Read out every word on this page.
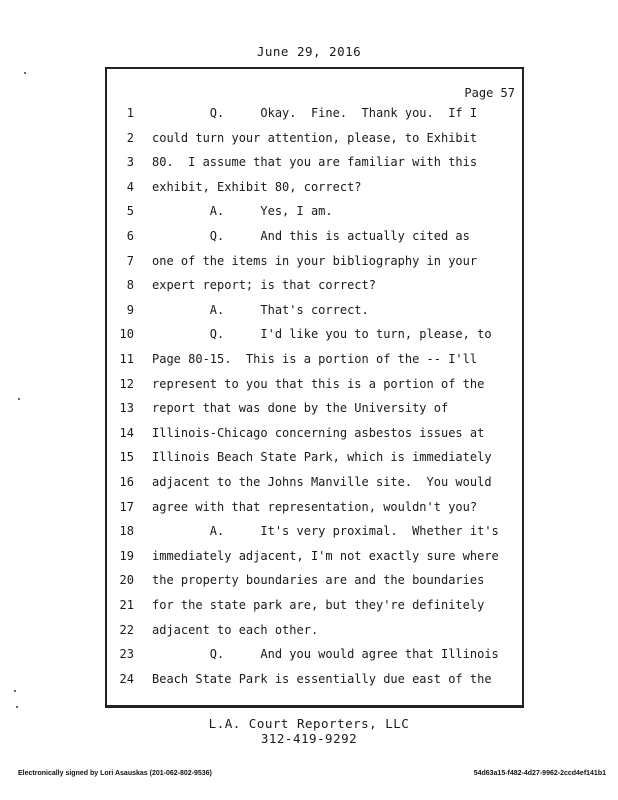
June 29, 2016
Page 57
1 Q.     Okay.  Fine.  Thank you.  If I
2 could turn your attention, please, to Exhibit
3 80.  I assume that you are familiar with this
4 exhibit, Exhibit 80, correct?
5 A.     Yes, I am.
6 Q.     And this is actually cited as
7 one of the items in your bibliography in your
8 expert report; is that correct?
9 A.     That's correct.
10 Q.     I'd like you to turn, please, to
11 Page 80-15.  This is a portion of the -- I'll
12 represent to you that this is a portion of the
13 report that was done by the University of
14 Illinois-Chicago concerning asbestos issues at
15 Illinois Beach State Park, which is immediately
16 adjacent to the Johns Manville site.  You would
17 agree with that representation, wouldn't you?
18 A.     It's very proximal.  Whether it's
19 immediately adjacent, I'm not exactly sure where
20 the property boundaries are and the boundaries
21 for the state park are, but they're definitely
22 adjacent to each other.
23 Q.     And you would agree that Illinois
24 Beach State Park is essentially due east of the
L.A. Court Reporters, LLC
312-419-9292
Electronically signed by Lori Asauskas (201-062-802-9536)	54d63a15-f482-4d27-9962-2ccd4ef141b1
